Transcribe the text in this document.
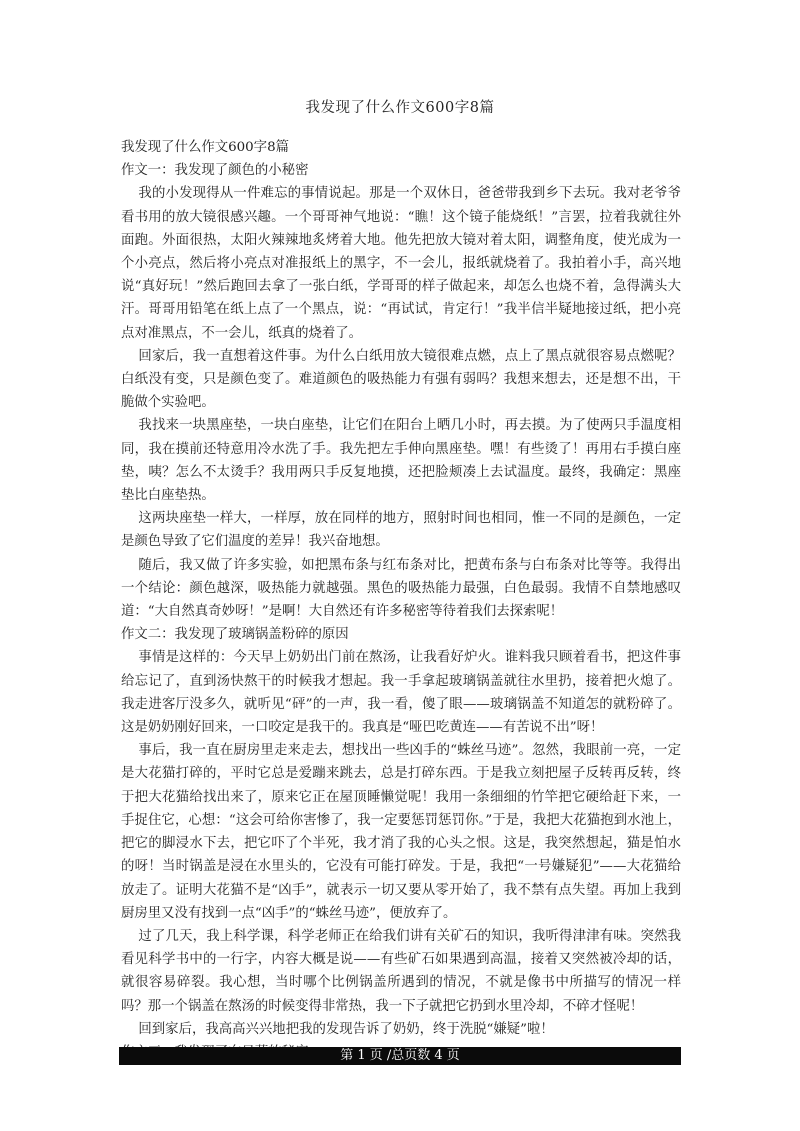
我发现了什么作文600字8篇

我发现了什么作文600字8篇

作文一：我发现了颜色的小秘密

我的小发现得从一件难忘的事情说起。那是一个双休日，爸爸带我到乡下去玩。我对老爷爷看书用的放大镜很感兴趣。一个哥哥神气地说：“瞧！这个镜子能烧纸！”言罢，拉着我就往外面跑。外面很热，太阳火辣辣地炙烤着大地。他先把放大镜对着太阳，调整角度，使光成为一个小亮点，然后将小亮点对准报纸上的黑字，不一会儿，报纸就烧着了。我拍着小手，高兴地说“真好玩！”然后跑回去拿了一张白纸，学哥哥的样子做起来，却怎么也烧不着，急得满头大汗。哥哥用铅笔在纸上点了一个黑点，说：“再试试，肯定行！”我半信半疑地接过纸，把小亮点对准黑点，不一会儿，纸真的烧着了。

回家后，我一直想着这件事。为什么白纸用放大镜很难点燃，点上了黑点就很容易点燃呢？白纸没有变，只是颜色变了。难道颜色的吸热能力有强有弱吗？我想来想去，还是想不出，干脆做个实验吧。

我找来一块黑座垫，一块白座垫，让它们在阳台上晒几小时，再去摸。为了使两只手温度相同，我在摸前还特意用冷水洗了手。我先把左手伸向黑座垫。嘿！有些烫了！再用右手摸白座垫，咦？怎么不太烫手？我用两只手反复地摸，还把脸颊凑上去试温度。最终，我确定：黑座垫比白座垫热。

这两块座垫一样大，一样厚，放在同样的地方，照射时间也相同，惟一不同的是颜色，一定是颜色导致了它们温度的差异！我兴奋地想。

随后，我又做了许多实验，如把黑布条与红布条对比，把黄布条与白布条对比等等。我得出一个结论：颜色越深，吸热能力就越强。黑色的吸热能力最强，白色最弱。我情不自禁地感叹道：“大自然真奇妙呀！”是啊！大自然还有许多秘密等待着我们去探索呢！

作文二：我发现了玻璃锅盖粉碎的原因

事情是这样的：今天早上奶奶出门前在熬汤，让我看好炉火。谁料我只顾着看书，把这件事给忘记了，直到汤快熬干的时候我才想起。我一手拿起玻璃锅盖就往水里扔，接着把火熄了。我走进客厅没多久，就听见“砰”的一声，我一看，傻了眼——玻璃锅盖不知道怎的就粉碎了。这是奶奶刚好回来，一口咬定是我干的。我真是“哑巴吃黄连——有苦说不出”呀！

事后，我一直在厨房里走来走去，想找出一些凶手的“蛛丝马迹”。忽然，我眼前一亮，一定是大花猫打碎的，平时它总是爱蹦来跳去，总是打碎东西。于是我立刻把屋子反转再反转，终于把大花猫给找出来了，原来它正在屋顶睡懒觉呢！我用一条细细的竹竿把它硬给赶下来，一手捉住它，心想：“这会可给你害惨了，我一定要惩罚惩罚你。”于是，我把大花猫抱到水池上，把它的脚浸水下去，把它吓了个半死，我才消了我的心头之恨。这是，我突然想起，猫是怕水的呀！当时锅盖是浸在水里头的，它没有可能打碎发。于是，我把“一号嫌疑犯”——大花猫给放走了。证明大花猫不是“凶手”，就表示一切又要从零开始了，我不禁有点失望。再加上我到厨房里又没有找到一点“凶手”的“蛛丝马迹”，便放弃了。

过了几天，我上科学课，科学老师正在给我们讲有关矿石的知识，我听得津津有味。突然我看见科学书中的一行字，内容大概是说——有些矿石如果遇到高温，接着又突然被冷却的话，就很容易碎裂。我心想，当时哪个比例锅盖所遇到的情况，不就是像书中所描写的情况一样吗？那一个锅盖在熬汤的时候变得非常热，我一下子就把它扔到水里冷却，不碎才怪呢！

回到家后，我高高兴兴地把我的发现告诉了奶奶，终于洗脱“嫌疑”啦！

第 1 页 /总页数 4 页
